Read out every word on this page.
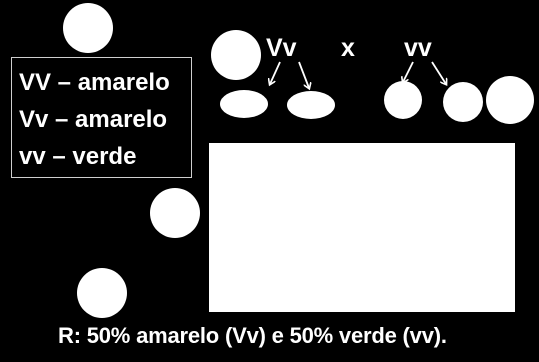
VV – amarelo
Vv – amarelo
vv – verde
Vv x vv
R: 50% amarelo (Vv) e 50% verde (vv).
